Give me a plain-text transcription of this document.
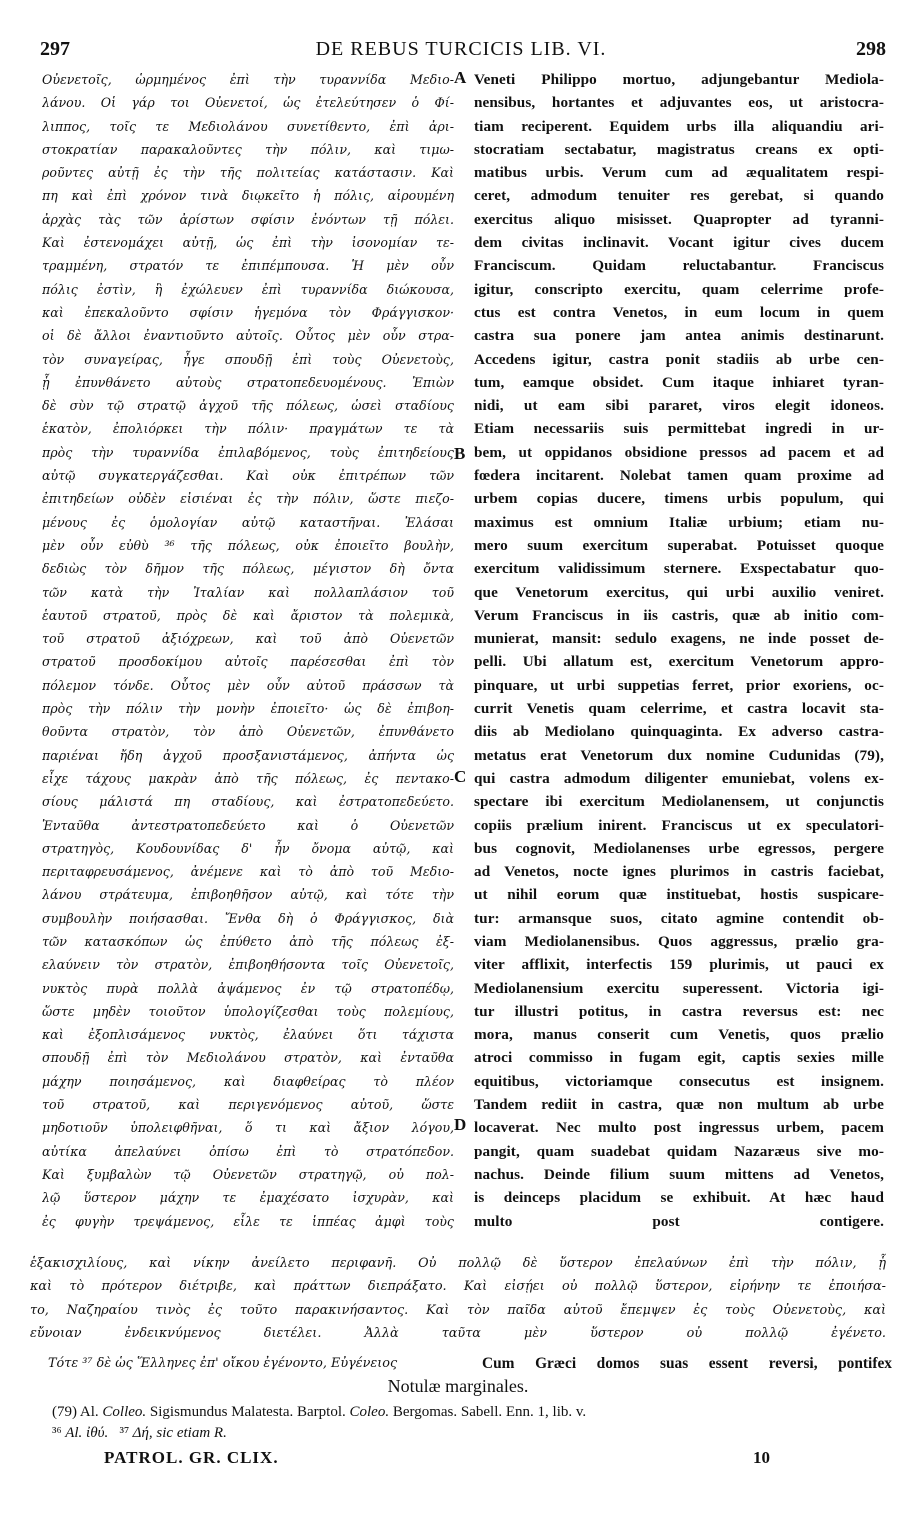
297	DE REBUS TURCICIS LIB. VI.	298
Οὐενετοῖς, ὡρμημένος ἐπὶ τὴν τυραννίδα Μεδιο-
λάνου. Οἱ γάρ τοι Οὐενετοί, ὡς ἐτελεύτησεν ὁ Φί-
λιππος, τοῖς τε Μεδιολάνου συνετίθεντο, ἐπὶ ἀρι-
στοκρατίαν παρακαλοῦντες τὴν πόλιν, καὶ τιμω-
ροῦντες αὐτῇ ἐς τὴν τῆς πολιτείας κατάστασιν. Καὶ
πη καὶ ἐπὶ χρόνον τινὰ διῳκεῖτο ἡ πόλις, αἱρουμένη
ἀρχὰς τὰς τῶν ἀρίστων σφίσιν ἐνόντων τῇ πόλει.
Καὶ ἐστενομάχει αὐτῇ, ὡς ἐπὶ τὴν ἰσονομίαν τε-
τραμμένη, στρατόν τε ἐπιπέμπουσα. Ἡ μὲν οὖν
πόλις ἐστὶν, ἣ ἐχώλευεν ἐπὶ τυραννίδα διώκουσα,
καὶ ἐπεκαλοῦντο σφίσιν ἡγεμόνα τὸν Φράγγισκον·
οἱ δὲ ἄλλοι ἐναντιοῦντο αὐτοῖς. Οὗτος μὲν οὖν στρα-
τὸν συναγείρας, ἦγε σπουδῇ ἐπὶ τοὺς Οὐενετοὺς,
ᾗ ἐπυνθάνετο αὐτοὺς στρατοπεδευομένους. Ἐπιὼν
δὲ σὺν τῷ στρατῷ ἀγχοῦ τῆς πόλεως, ὡσεὶ σταδίους
ἑκατὸν, ἐπολιόρκει τὴν πόλιν· πραγμάτων τε τὰ
πρὸς τὴν τυραννίδα ἐπιλαβόμενος, τοὺς ἐπιτηδείους
αὐτῷ συγκατεργάζεσθαι. Καὶ οὐκ ἐπιτρέπων τῶν
ἐπιτηδείων οὐδὲν εἰσιέναι ἐς τὴν πόλιν, ὥστε πιεζο-
μένους ἐς ὁμολογίαν αὐτῷ καταστῆναι. Ἐλάσαι
μὲν οὖν εὐθὺ ³⁶ τῆς πόλεως, οὐκ ἐποιεῖτο βουλὴν,
δεδιὼς τὸν δῆμον τῆς πόλεως, μέγιστον δὴ ὄντα
τῶν κατὰ τὴν Ἰταλίαν καὶ πολλαπλάσιον τοῦ
ἑαυτοῦ στρατοῦ, πρὸς δὲ καὶ ἄριστον τὰ πολεμικὰ,
τοῦ στρατοῦ ἀξιόχρεων, καὶ τοῦ ἀπὸ Οὐενετῶν
στρατοῦ προσδοκίμου αὐτοῖς παρέσεσθαι ἐπὶ τὸν
πόλεμον τόνδε. Οὗτος μὲν οὖν αὐτοῦ πράσσων τὰ
πρὸς τὴν πόλιν τὴν μονὴν ἐποιεῖτο· ὡς δὲ ἐπιβοη-
θοῦντα στρατὸν, τὸν ἀπὸ Οὐενετῶν, ἐπυνθάνετο
παριέναι ἤδη ἀγχοῦ προσξανιστάμενος, ἀπήντα ὡς
εἶχε τάχους μακρὰν ἀπὸ τῆς πόλεως, ἐς πεντακο-
σίους μάλιστά πη σταδίους, καὶ ἐστρατοπεδεύετο.
Ἐνταῦθα ἀντεστρατοπεδεύετο καὶ ὁ Οὐενετῶν
στρατηγὸς, Κουδουνίδας δ' ἦν ὄνομα αὐτῷ, καὶ
περιταφρευσάμενος, ἀνέμενε καὶ τὸ ἀπὸ τοῦ Μεδιο-
λάνου στράτευμα, ἐπιβοηθῆσον αὐτῷ, καὶ τότε τὴν
συμβουλὴν ποιήσασθαι. Ἔνθα δὴ ὁ Φράγγισκος, διὰ
τῶν κατασκόπων ὡς ἐπύθετο ἀπὸ τῆς πόλεως ἐξ-
ελαύνειν τὸν στρατὸν, ἐπιβοηθήσοντα τοῖς Οὐενετοῖς,
νυκτὸς πυρὰ πολλὰ ἀψάμενος ἐν τῷ στρατοπέδῳ,
ὥστε μηδὲν τοιοῦτον ὑπολογίζεσθαι τοὺς πολεμίους,
καὶ ἐξοπλισάμενος νυκτὸς, ἐλαύνει ὅτι τάχιστα
σπουδῇ ἐπὶ τὸν Μεδιολάνου στρατὸν, καὶ ἐνταῦθα
μάχην ποιησάμενος, καὶ διαφθείρας τὸ πλέον
τοῦ στρατοῦ, καὶ περιγενόμενος αὐτοῦ, ὥστε
μηδοτιοῦν ὑπολειφθῆναι, ὅ τι καὶ ἄξιον λόγου,
αὐτίκα ἀπελαύνει ὀπίσω ἐπὶ τὸ στρατόπεδον.
Καὶ ξυμβαλὼν τῷ Οὐενετῶν στρατηγῷ, οὐ πολ-
λῷ ὕστερον μάχην τε ἐμαχέσατο ἰσχυρὰν, καὶ
ἐς φυγὴν τρεψάμενος, εἷλε τε ἱππέας ἀμφὶ τοὺς
Veneti Philippo mortuo, adjungebantur Mediola-
nensibus, hortantes et adjuvantes eos, ut aristocra-
tiam reciperent. Equidem urbs illa aliquandiu ari-
stocratiam sectabatur, magistratus creans ex opti-
matibus urbis. Verum cum ad æqualitatem respi-
ceret, admodum tenuiter res gerebat, si quando
exercitus aliquo misisset. Quapropter ad tyranni-
dem civitas inclinavit. Vocant igitur cives ducem
Franciscum. Quidam reluctabantur. Franciscus
igitur, conscripto exercitu, quam celerrime profe-
ctus est contra Venetos, in eum locum in quem
castra sua ponere jam antea animis destinarunt.
Accedens igitur, castra ponit stadiis ab urbe cen-
tum, eamque obsidet. Cum itaque inhiaret tyran-
nidi, ut eam sibi pararet, viros elegit idoneos.
Etiam necessariis suis permittebat ingredi in ur-
bem, ut oppidanos obsidione pressos ad pacem et ad
fœdera incitarent. Nolebat tamen quam proxime ad
urbem copias ducere, timens urbis populum, qui
maximus est omnium Italiæ urbium; etiam nu-
mero suum exercitum superabat. Potuisset quoque
exercitum validissimum sternere. Exspectabatur quo-
que Venetorum exercitus, qui urbi auxilio veniret.
Verum Franciscus in iis castris, quæ ab initio com-
munierat, mansit: sedulo exagens, ne inde posset de-
pelli. Ubi allatum est, exercitum Venetorum appro-
pinquare, ut urbi suppetias ferret, prior exoriens, oc-
currit Venetis quam celerrime, et castra locavit sta-
diis ab Mediolano quinquaginta. Ex adverso castra-
metatus erat Venetorum dux nomine Cudunidas (79),
qui castra admodum diligenter emuniebat, volens ex-
spectare ibi exercitum Mediolanensem, ut conjunctis
copiis prælium inirent. Franciscus ut ex speculatori-
bus cognovit, Mediolanenses urbe egressos, pergere
ad Venetos, nocte ignes plurimos in castris faciebat,
ut nihil eorum quæ instituebat, hostis suspicare-
tur: armansque suos, citato agmine contendit ob-
viam Mediolanensibus. Quos aggressus, prælio gra-
viter afflixit, interfectis 159 plurimis, ut pauci ex
Mediolanensium exercitu superessent. Victoria igi-
tur illustri potitus, in castra reversus est: nec
mora, manus conserit cum Venetis, quos prælio
atroci commisso in fugam egit, captis sexies mille
equitibus, victoriamque consecutus est insignem.
Tandem rediit in castra, quæ non multum ab urbe
locaverat. Nec multo post ingressus urbem, pacem
pangit, quam suadebat quidam Nazaræus sive mo-
nachus. Deinde filium suum mittens ad Venetos,
is deinceps placidum se exhibuit. At hæc haud
multo post contigere.
A
B
C
D
ἑξακισχιλίους, καὶ νίκην ἀνείλετο περιφανῆ. Οὐ πολλῷ δὲ ὕστερον ἐπελαύνων ἐπὶ τὴν πόλιν, ᾗ
καὶ τὸ πρότερον διέτριβε, καὶ πράττων διεπράξατο. Καὶ εἰσῄει οὐ πολλῷ ὕστερον, εἰρήνην τε ἐποιήσα-
το, Ναζηραίου τινὸς ἐς τοῦτο παρακινήσαντος. Καὶ τὸν παῖδα αὐτοῦ ἔπεμψεν ἐς τοὺς Οὐενετοὺς, καὶ
εὔνοιαν ἐνδεικνύμενος διετέλει. Ἀλλὰ ταῦτα μὲν ὕστερον οὐ πολλῷ ἐγένετο.
Τότε ³⁷ δὲ ὡς Ἕλληνες ἐπ' οἴκου ἐγένοντο, Εὐγένειος	Cum Græci domos suas essent reversi, pontifex
Notulæ marginales.
(79) Al. Colleo. Sigismundus Malatesta. Barptol. Coleo. Bergomas. Sabell. Enn. 1, lib. v.
³⁶ Al. ἰθύ. ³⁷ Δή, sic etiam R.
PATROL. GR. CLIX.	10
